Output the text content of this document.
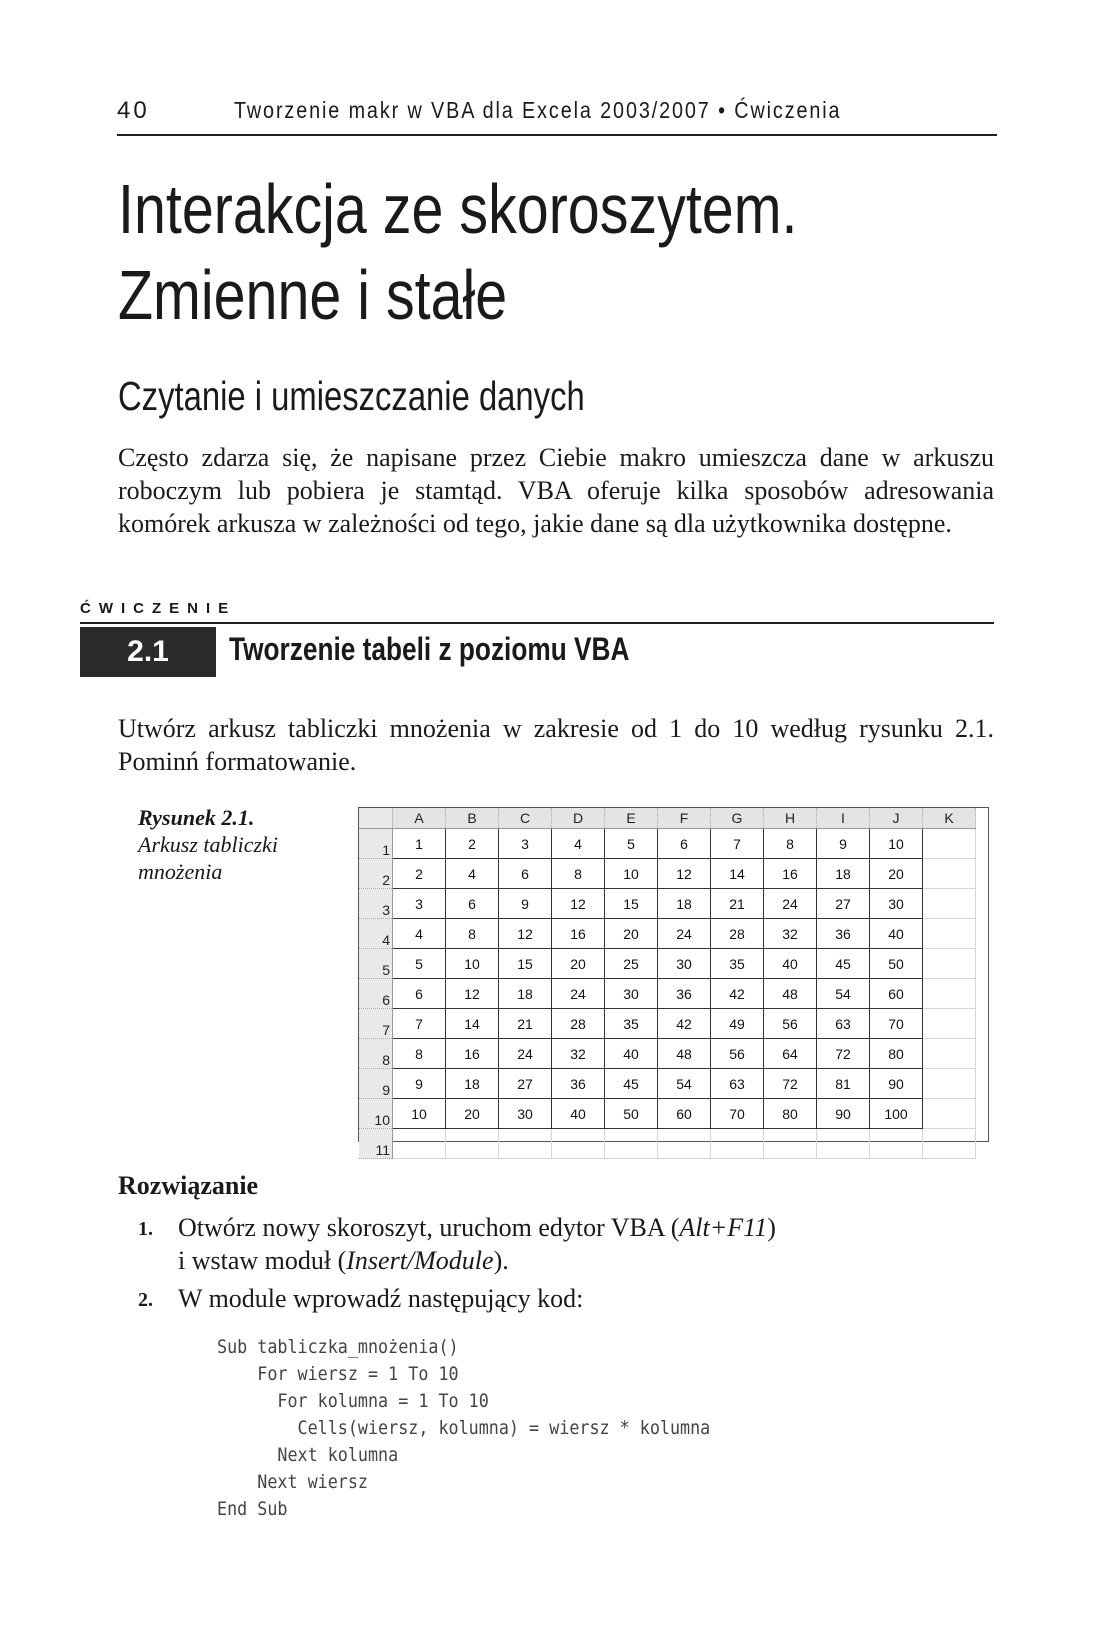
40	Tworzenie makr w VBA dla Excela 2003/2007 • Ćwiczenia
Interakcja ze skoroszytem.
Zmienne i stałe
Czytanie i umieszczanie danych

Często zdarza się, że napisane przez Ciebie makro umieszcza dane w arkuszu roboczym lub pobiera je stamtąd. VBA oferuje kilka sposobów adresowania komórek arkusza w zależności od tego, jakie dane są dla użytkownika dostępne.

ĆWICZENIE
2.1	Tworzenie tabeli z poziomu VBA

Utwórz arkusz tabliczki mnożenia w zakresie od 1 do 10 według rysunku 2.1. Pominń formatowanie.

Rysunek 2.1.
Arkusz tabliczki mnożenia
	A	B	C	D	E	F	G	H	I	J	K
1	1	2	3	4	5	6	7	8	9	10	
2	2	4	6	8	10	12	14	16	18	20	
3	3	6	9	12	15	18	21	24	27	30	
4	4	8	12	16	20	24	28	32	36	40	
5	5	10	15	20	25	30	35	40	45	50	
6	6	12	18	24	30	36	42	48	54	60	
7	7	14	21	28	35	42	49	56	63	70	
8	8	16	24	32	40	48	56	64	72	80	
9	9	18	27	36	45	54	63	72	81	90	
10	10	20	30	40	50	60	70	80	90	100	
11											
Rozwiązanie
1. Otwórz nowy skoroszyt, uruchom edytor VBA (Alt+F11)
i wstaw moduł (Insert/Module).
2. W module wprowadź następujący kod:
Sub tabliczka_mnożenia()
For wiersz = 1 To 10
For kolumna = 1 To 10
Cells(wiersz, kolumna) = wiersz * kolumna
Next kolumna
Next wiersz
End Sub
